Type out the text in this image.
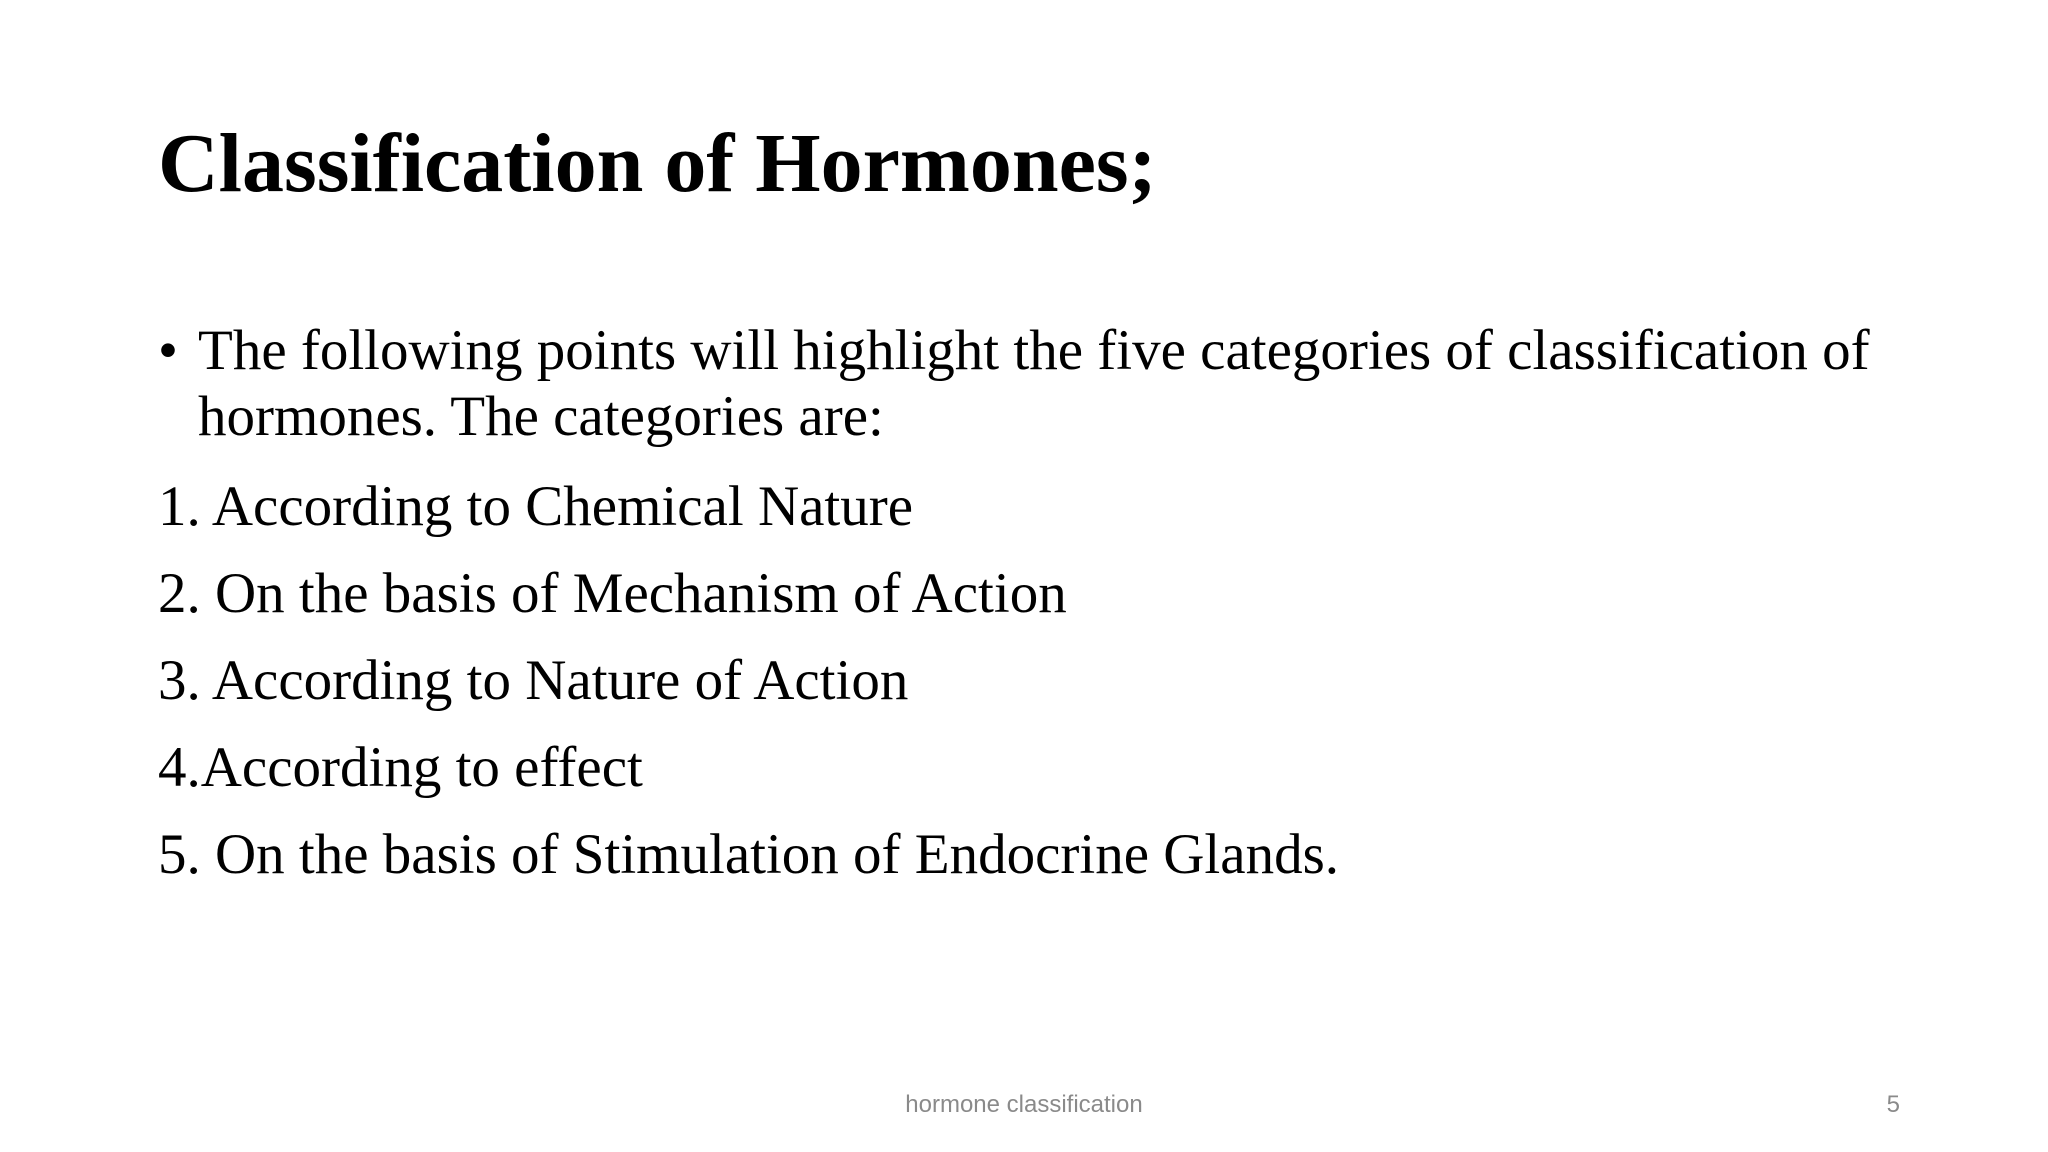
Classification of Hormones;

• The following points will highlight the five categories of classification of hormones. The categories are:

1. According to Chemical Nature
2. On the basis of Mechanism of Action
3. According to Nature of Action
4.According to effect
5. On the basis of Stimulation of Endocrine Glands.
hormone classification	5
